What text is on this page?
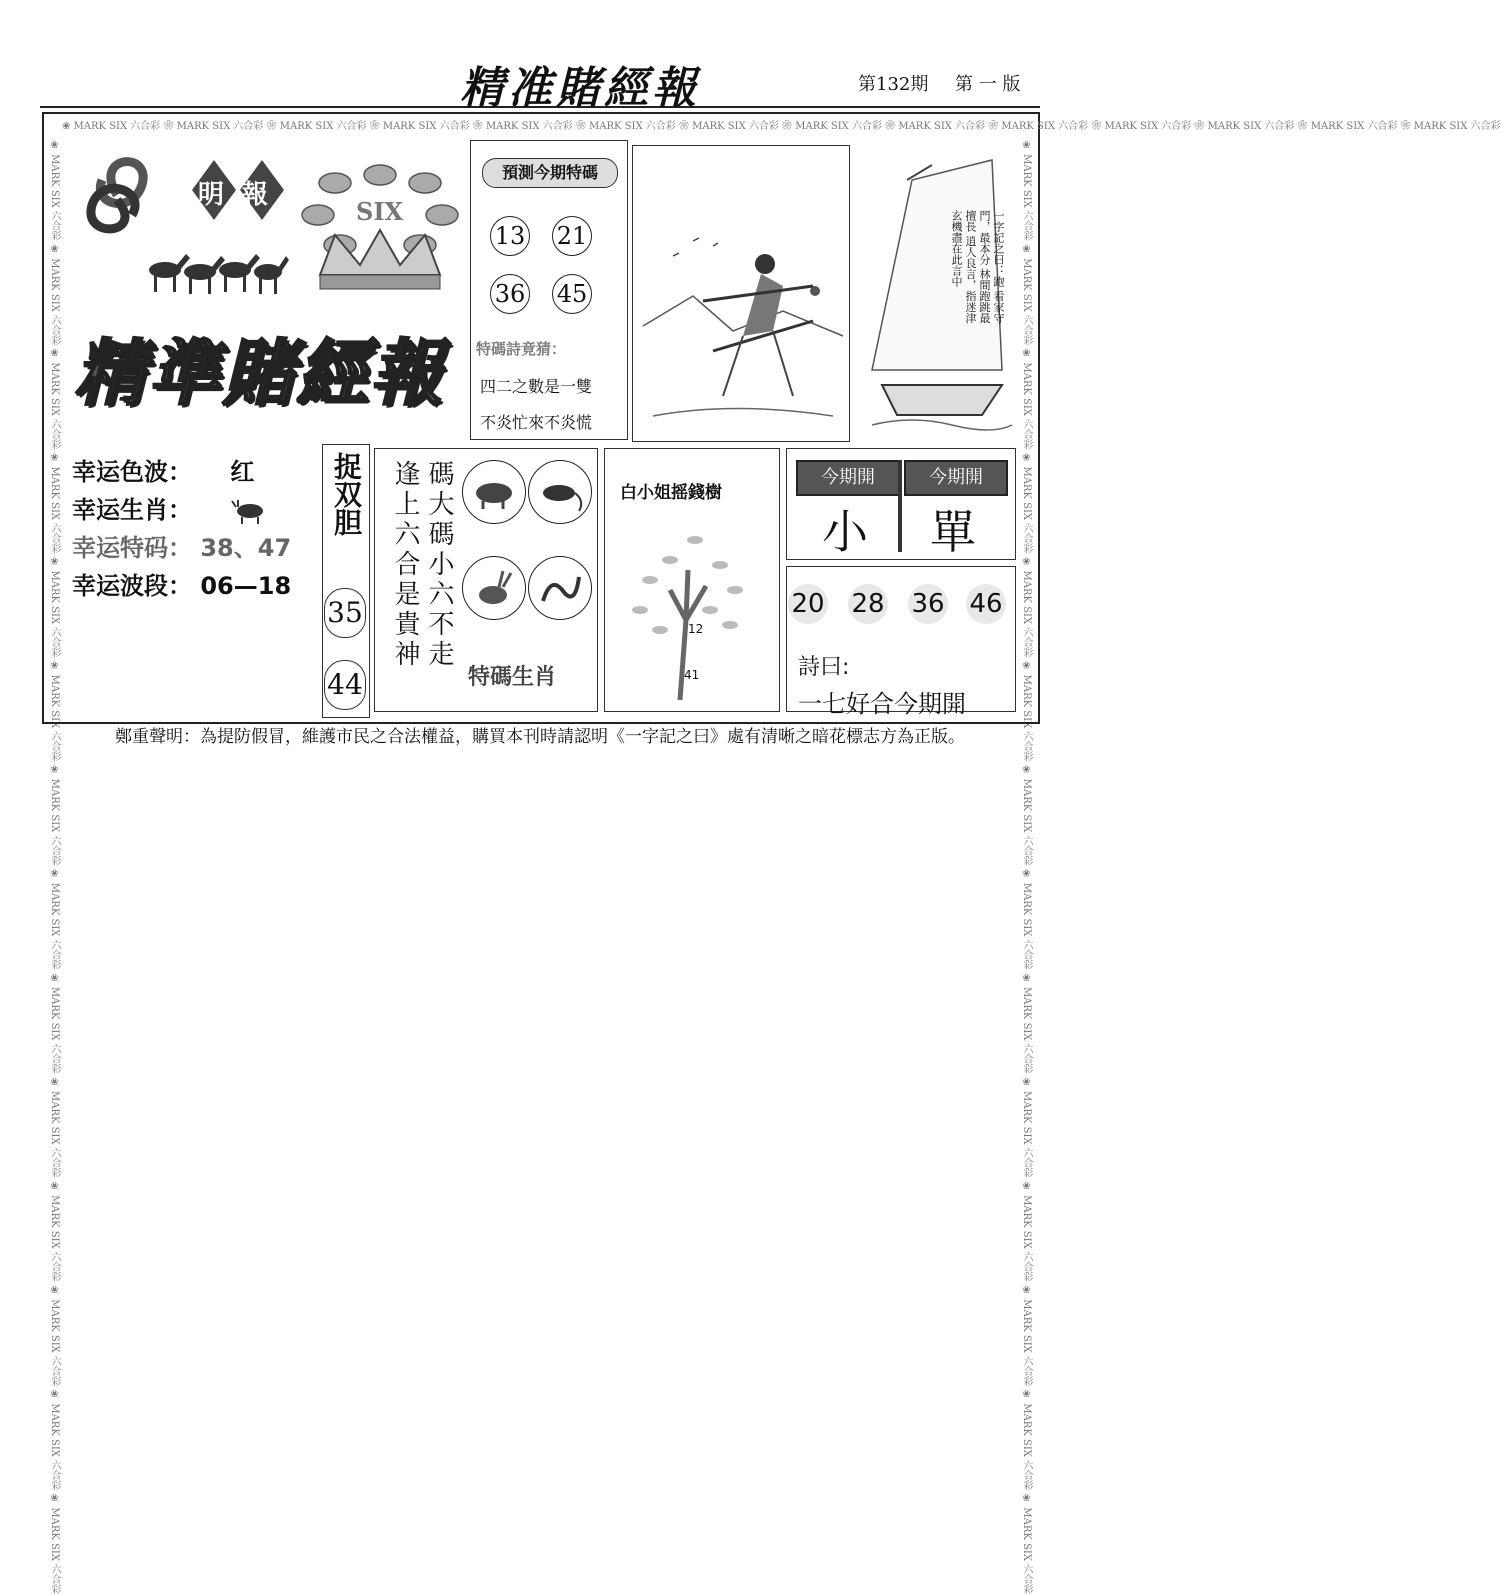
精准賭經報	第132期 第 一 版
❀ MARK SIX 六合彩 ❀ MARK SIX 六合彩 ❀ MARK SIX 六合彩 ❀ MARK SIX 六合彩 ❀ MARK SIX 六合彩 ❀ MARK SIX 六合彩 ❀ MARK SIX 六合彩 ❀ MARK SIX 六合彩 ❀ MARK SIX 六合彩 ❀ MARK SIX 六合彩 ❀ MARK SIX 六合彩 ❀ MARK SIX 六合彩 ❀ MARK SIX 六合彩 ❀ MARK SIX 六合彩
❀ MARK SIX 六合彩 ❀ MARK SIX 六合彩 ❀ MARK SIX 六合彩 ❀ MARK SIX 六合彩 ❀ MARK SIX 六合彩 ❀ MARK SIX 六合彩 ❀ MARK SIX 六合彩 ❀ MARK SIX 六合彩 ❀ MARK SIX 六合彩 ❀ MARK SIX 六合彩 ❀ MARK SIX 六合彩 ❀ MARK SIX 六合彩 ❀ MARK SIX 六合彩 ❀ MARK SIX 六合彩	❀ MARK SIX 六合彩 ❀ MARK SIX 六合彩 ❀ MARK SIX 六合彩 ❀ MARK SIX 六合彩 ❀ MARK SIX 六合彩 ❀ MARK SIX 六合彩 ❀ MARK SIX 六合彩 ❀ MARK SIX 六合彩 ❀ MARK SIX 六合彩 ❀ MARK SIX 六合彩 ❀ MARK SIX 六合彩 ❀ MARK SIX 六合彩 ❀ MARK SIX 六合彩 ❀ MARK SIX 六合彩
明報
SIX
精準賭經報
預測今期特碼
13 21
36 45
特碼詩竟猜：
四二之數是一雙
不炎忙來不炎慌
一字記之曰：跑 看家守門，最本分 林間跑跳最擅長 逍人良言，指迷津 玄機盡在此言中
幸运色波： 红
幸运生肖：
幸运特码： 38、47
幸运波段： 06—18
捉双胆
35
44
逢上六合是貴神 碼大碼小六不走
特碼生肖
白小姐摇錢樹
12
41
今期開	今期開
小 單
20 28 36 46
詩曰:
一七好合今期開
鄭重聲明：為提防假冒，維護市民之合法權益，購買本刊時請認明《一字記之曰》處有清晰之暗花標志方為正版。
